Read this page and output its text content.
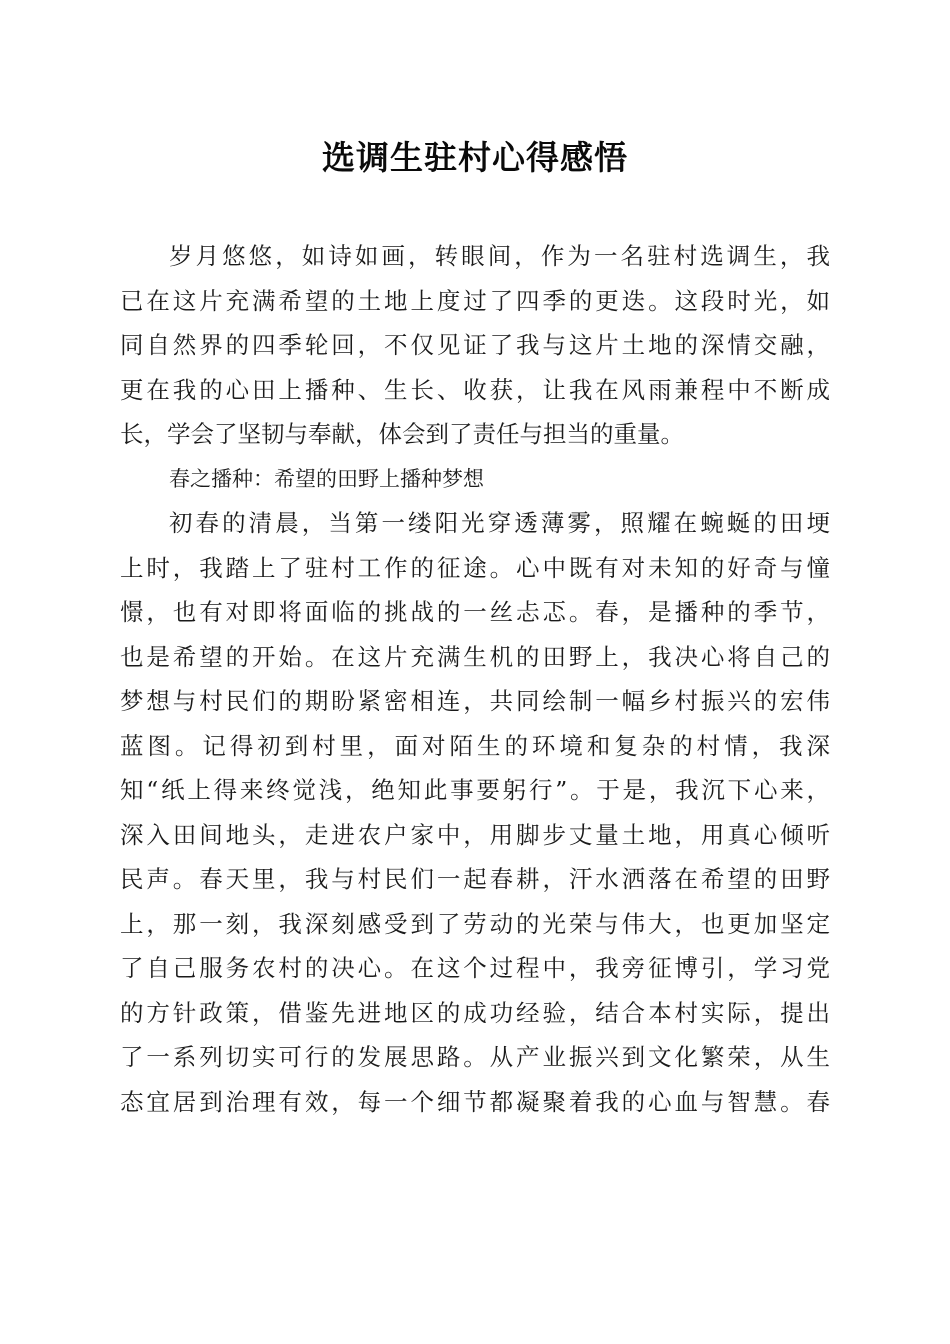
选调生驻村心得感悟
岁月悠悠，如诗如画，转眼间，作为一名驻村选调生，我
已在这片充满希望的土地上度过了四季的更迭。这段时光，如
同自然界的四季轮回，不仅见证了我与这片土地的深情交融，
更在我的心田上播种、生长、收获，让我在风雨兼程中不断成
长，学会了坚韧与奉献，体会到了责任与担当的重量。
春之播种：希望的田野上播种梦想
初春的清晨，当第一缕阳光穿透薄雾，照耀在蜿蜒的田埂
上时，我踏上了驻村工作的征途。心中既有对未知的好奇与憧
憬，也有对即将面临的挑战的一丝忐忑。春，是播种的季节，
也是希望的开始。在这片充满生机的田野上，我决心将自己的
梦想与村民们的期盼紧密相连，共同绘制一幅乡村振兴的宏伟
蓝图。记得初到村里，面对陌生的环境和复杂的村情，我深
知“纸上得来终觉浅，绝知此事要躬行”。于是，我沉下心来，
深入田间地头，走进农户家中，用脚步丈量土地，用真心倾听
民声。春天里，我与村民们一起春耕，汗水洒落在希望的田野
上，那一刻，我深刻感受到了劳动的光荣与伟大，也更加坚定
了自己服务农村的决心。在这个过程中，我旁征博引，学习党
的方针政策，借鉴先进地区的成功经验，结合本村实际，提出
了一系列切实可行的发展思路。从产业振兴到文化繁荣，从生
态宜居到治理有效，每一个细节都凝聚着我的心血与智慧。春
